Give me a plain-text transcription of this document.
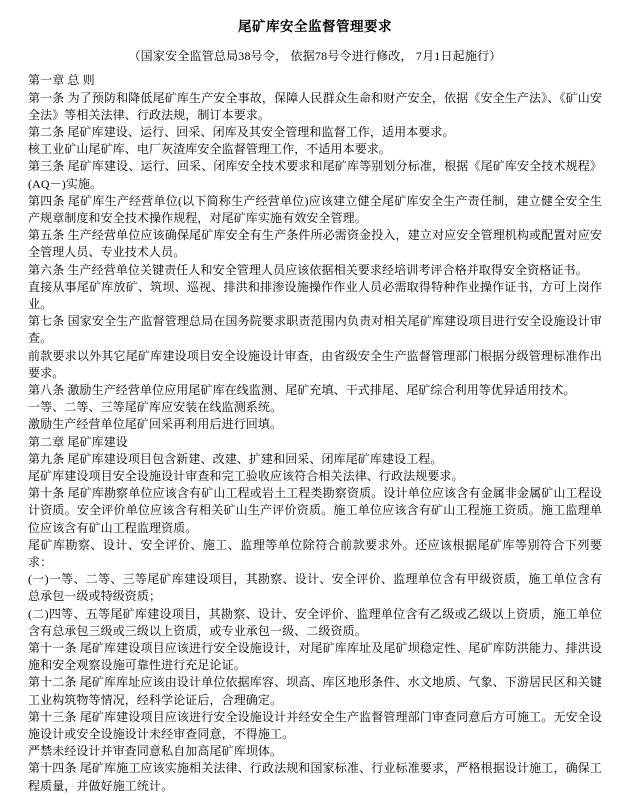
尾矿库安全监督管理要求
（国家安全监管总局38号令， 依据78号令进行修改， 7月1日起施行）

第一章 总 则

第一条 为了预防和降低尾矿库生产安全事故，保障人民群众生命和财产安全，依据《安全生产法》、《矿山安全法》等相关法律、行政法规，制订本要求。

第二条 尾矿库建设、运行、回采、闭库及其安全管理和监督工作，适用本要求。

核工业矿山尾矿库、电厂灰渣库安全监督管理工作，不适用本要求。

第三条 尾矿库建设、运行、回采、闭库安全技术要求和尾矿库等别划分标准，根据《尾矿库安全技术规程》(AQ－)实施。

第四条 尾矿库生产经营单位(以下简称生产经营单位)应该建立健全尾矿库安全生产责任制，建立健全安全生产规章制度和安全技术操作规程，对尾矿库实施有效安全管理。

第五条 生产经营单位应该确保尾矿库安全有生产条件所必需资金投入，建立对应安全管理机构或配置对应安全管理人员、专业技术人员。

第六条 生产经营单位关键责任人和安全管理人员应该依据相关要求经培训考评合格并取得安全资格证书。

直接从事尾矿库放矿、筑坝、巡视、排洪和排渗设施操作作业人员必需取得特种作业操作证书，方可上岗作业。

第七条 国家安全生产监督管理总局在国务院要求职责范围内负责对相关尾矿库建设项目进行安全设施设计审查。

前款要求以外其它尾矿库建设项目安全设施设计审查，由省级安全生产监督管理部门根据分级管理标准作出要求。

第八条 激励生产经营单位应用尾矿库在线监测、尾矿充填、干式排尾、尾矿综合利用等优异适用技术。

一等、二等、三等尾矿库应安装在线监测系统。

激励生产经营单位尾矿回采再利用后进行回填。

第二章 尾矿库建设

第九条 尾矿库建设项目包含新建、改建、扩建和回采、闭库尾矿库建设工程。

尾矿库建设项目安全设施设计审查和完工验收应该符合相关法律、行政法规要求。

第十条 尾矿库勘察单位应该含有矿山工程或岩土工程类勘察资质。设计单位应该含有金属非金属矿山工程设计资质。安全评价单位应该含有相关矿山生产评价资质。施工单位应该含有矿山工程施工资质。施工监理单位应该含有矿山工程监理资质。

尾矿库勘察、设计、安全评价、施工、监理等单位除符合前款要求外。还应该根据尾矿库等别符合下列要求：

(一)一等、二等、三等尾矿库建设项目，其勘察、设计、安全评价、监理单位含有甲级资质，施工单位含有总承包一级或特级资质；

(二)四等、五等尾矿库建设项目，其勘察、设计、安全评价、监理单位含有乙级或乙级以上资质，施工单位含有总承包三级或三级以上资质，或专业承包一级、二级资质。

第十一条 尾矿库建设项目应该进行安全设施设计，对尾矿库库址及尾矿坝稳定性、尾矿库防洪能力、排洪设施和安全观察设施可靠性进行充足论证。

第十二条 尾矿库库址应该由设计单位依据库容、坝高、库区地形条件、水文地质、气象、下游居民区和关键工业构筑物等情况，经科学论证后，合理确定。

第十三条 尾矿库建设项目应该进行安全设施设计并经安全生产监督管理部门审查同意后方可施工。无安全设施设计或安全设施设计未经审查同意，不得施工。

严禁未经设计并审查同意私自加高尾矿库坝体。

第十四条 尾矿库施工应该实施相关法律、行政法规和国家标准、行业标准要求，严格根据设计施工，确保工程质量，并做好施工统计。
